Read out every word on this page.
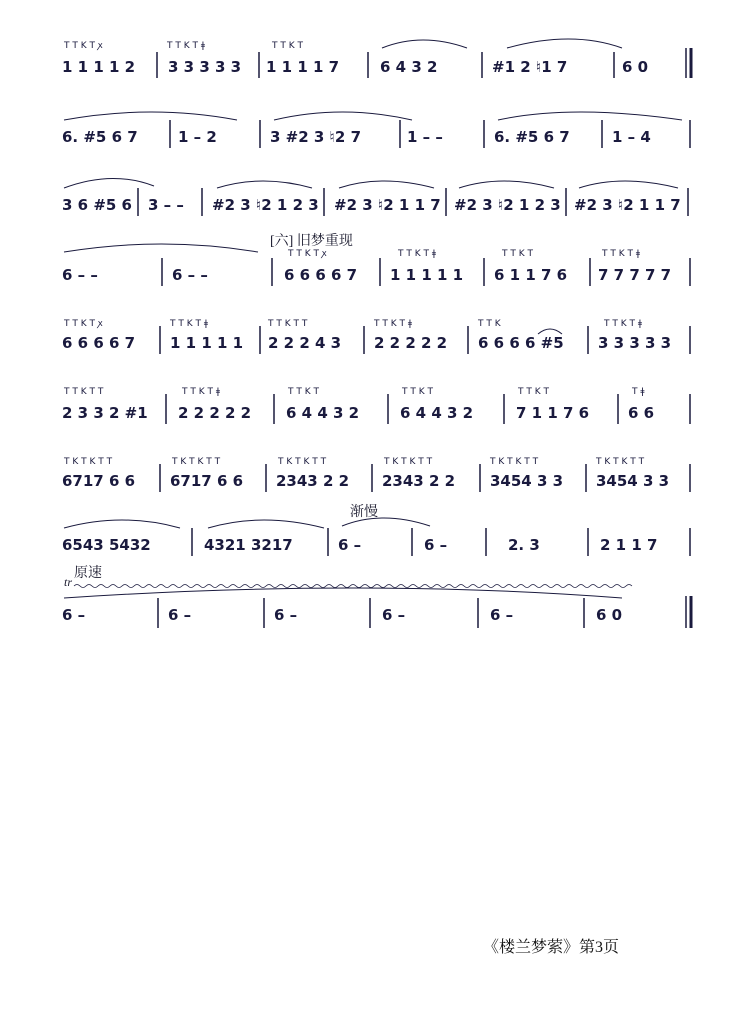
T T K T ꭗ	T T K T ǂ	T T K T
1 1 1 1 2 3 3 3 3 3 1 1 1 1 7	6 4 3 2	#1 2 ♮1 7	6 0
6. #5 6 7	1 – 2	3 #2 3 ♮2 7	1 – –	6. #5 6 7	1 – 4
3 6 #5 6 3 – – #2 3 ♮2 1 2 3 #2 3 ♮2 1 1 7 #2 3 ♮2 1 2 3 #2 3 ♮2 1 1 7
T T K T ꭗ	T T K T ǂ	T T K T	T T K T ǂ
6 – –	6 – –	6 6 6 6 7 1 1 1 1 1 6 1 1 7 6 7 7 7 7 7
T T K T ꭗ	T T K T ǂ	T T K T T	T T K T ǂ	T T K	T T K T ǂ
6 6 6 6 7 1 1 1 1 1 2 2 2 4 3 2 2 2 2 2 6 6 6 6 #5 3 3 3 3 3
T T K T T	T T K T ǂ	T T K T	T T K T	T T K T	T ǂ
2 3 3 2 #1 2 2 2 2 2 6 4 4 3 2	6 4 4 3 2	7 1 1 7 6	6 6
T K T K T T	T K T K T T	T K T K T T	T K T K T T	T K T K T T	T K T K T T
6717 6 6 6717 6 6 2343 2 2 2343 2 2 3454 3 3 3454 3 3
6543 5432	4321 3217	6 –	6 –	2. 3	2 1 1 7
6 –	6 –	6 –	6 –	6 –	6 0
[六] 旧梦重现
渐慢
原速
tr
《楼兰梦萦》第3页
